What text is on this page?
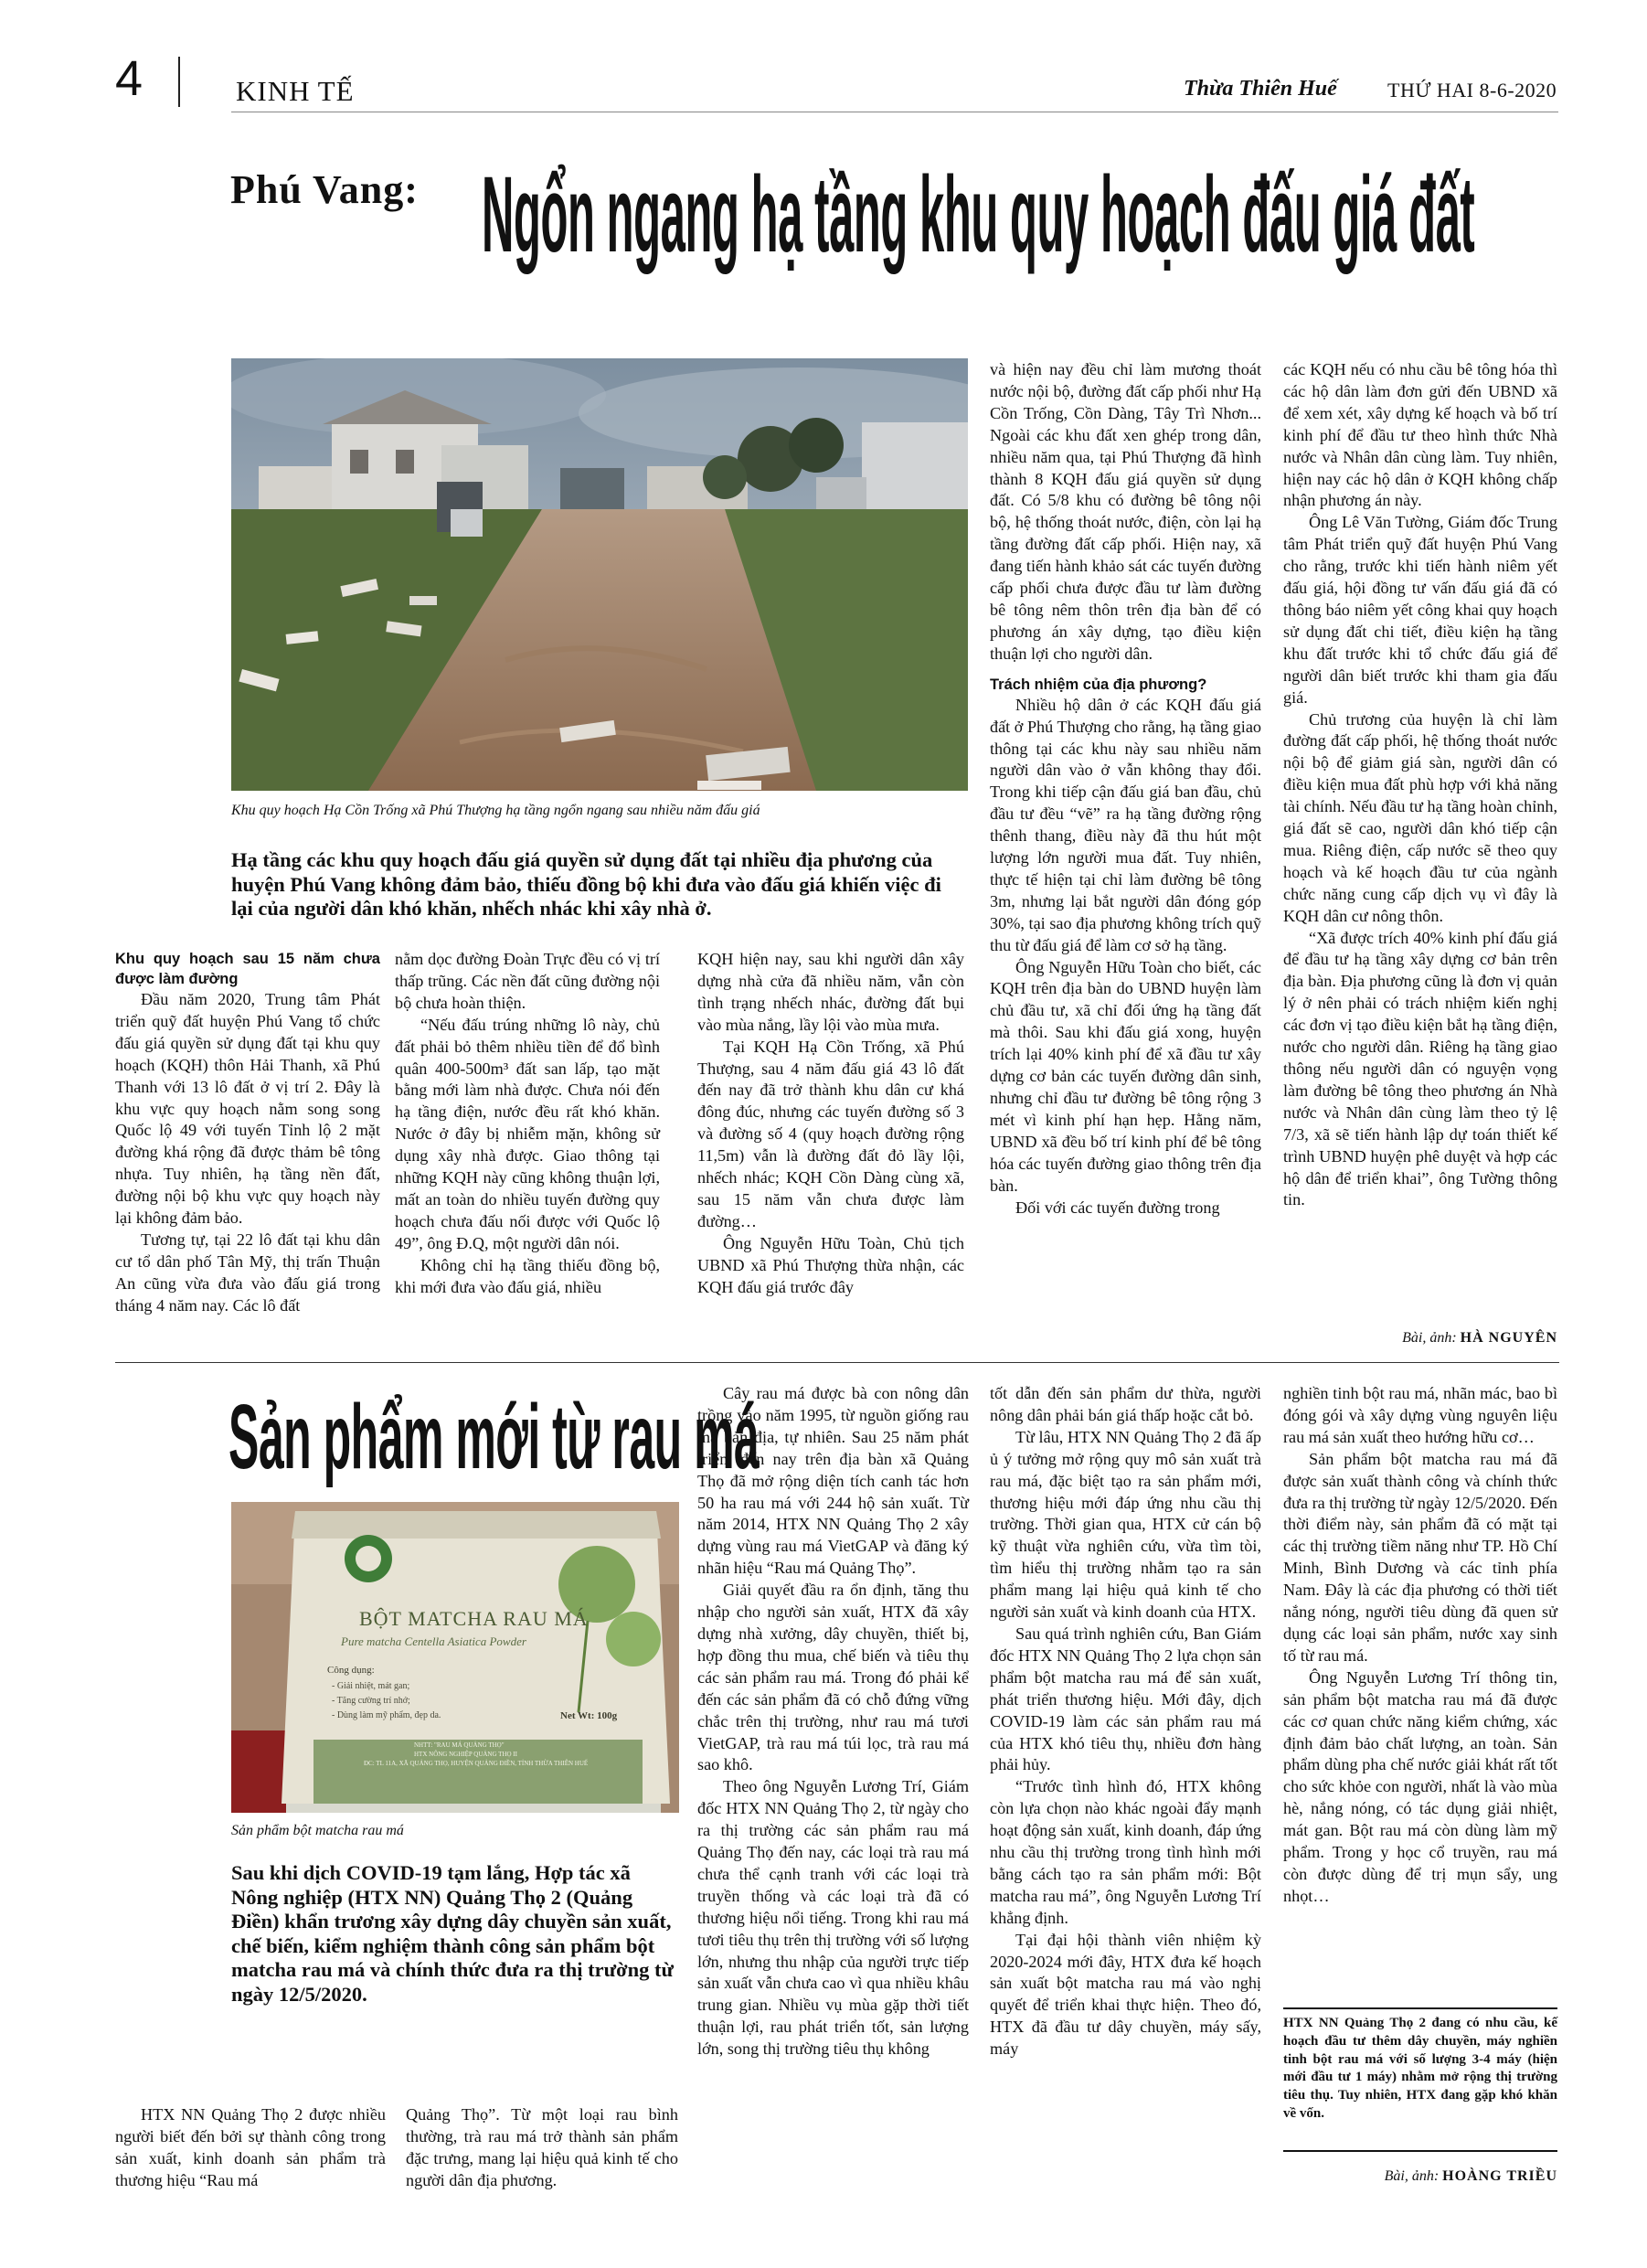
4	KINH TẾ	Thừa Thiên Huế	THỨ HAI 8-6-2020
Phú Vang: Ngổn ngang hạ tầng khu quy hoạch đấu giá đất
Khu quy hoạch Hạ Cồn Trống xã Phú Thượng hạ tầng ngổn ngang sau nhiều năm đấu giá
Hạ tầng các khu quy hoạch đấu giá quyền sử dụng đất tại nhiều địa phương của huyện Phú Vang không đảm bảo, thiếu đồng bộ khi đưa vào đấu giá khiến việc đi lại của người dân khó khăn, nhếch nhác khi xây nhà ở.
Khu quy hoạch sau 15 năm chưa được làm đường

Đầu năm 2020, Trung tâm Phát triển quỹ đất huyện Phú Vang tổ chức đấu giá quyền sử dụng đất tại khu quy hoạch (KQH) thôn Hải Thanh, xã Phú Thanh với 13 lô đất ở vị trí 2. Đây là khu vực quy hoạch nằm song song Quốc lộ 49 với tuyến Tỉnh lộ 2 mặt đường khá rộng đã được thảm bê tông nhựa. Tuy nhiên, hạ tầng nền đất, đường nội bộ khu vực quy hoạch này lại không đảm bảo.

Tương tự, tại 22 lô đất tại khu dân cư tổ dân phố Tân Mỹ, thị trấn Thuận An cũng vừa đưa vào đấu giá trong tháng 4 năm nay. Các lô đất

nằm dọc đường Đoàn Trực đều có vị trí thấp trũng. Các nền đất cũng đường nội bộ chưa hoàn thiện.

“Nếu đấu trúng những lô này, chủ đất phải bỏ thêm nhiều tiền để đổ bình quân 400-500m³ đất san lấp, tạo mặt bằng mới làm nhà được. Chưa nói đến hạ tầng điện, nước đều rất khó khăn. Nước ở đây bị nhiễm mặn, không sử dụng xây nhà được. Giao thông tại những KQH này cũng không thuận lợi, mất an toàn do nhiều tuyến đường quy hoạch chưa đấu nối được với Quốc lộ 49”, ông Đ.Q, một người dân nói.

Không chỉ hạ tầng thiếu đồng bộ, khi mới đưa vào đấu giá, nhiều

KQH hiện nay, sau khi người dân xây dựng nhà cửa đã nhiều năm, vẫn còn tình trạng nhếch nhác, đường đất bụi vào mùa nắng, lầy lội vào mùa mưa.

Tại KQH Hạ Cồn Trống, xã Phú Thượng, sau 4 năm đấu giá 43 lô đất đến nay đã trở thành khu dân cư khá đông đúc, nhưng các tuyến đường số 3 và đường số 4 (quy hoạch đường rộng 11,5m) vẫn là đường đất đỏ lầy lội, nhếch nhác; KQH Cồn Dàng cùng xã, sau 15 năm vẫn chưa được làm đường…

Ông Nguyễn Hữu Toàn, Chủ tịch UBND xã Phú Thượng thừa nhận, các KQH đấu giá trước đây

và hiện nay đều chỉ làm mương thoát nước nội bộ, đường đất cấp phối như Hạ Cồn Trống, Cồn Dàng, Tây Trì Nhơn... Ngoài các khu đất xen ghép trong dân, nhiều năm qua, tại Phú Thượng đã hình thành 8 KQH đấu giá quyền sử dụng đất. Có 5/8 khu có đường bê tông nội bộ, hệ thống thoát nước, điện, còn lại hạ tầng đường đất cấp phối. Hiện nay, xã đang tiến hành khảo sát các tuyến đường cấp phối chưa được đầu tư làm đường bê tông nêm thôn trên địa bàn để có phương án xây dựng, tạo điều kiện thuận lợi cho người dân.

Trách nhiệm của địa phương?

Nhiều hộ dân ở các KQH đấu giá đất ở Phú Thượng cho rằng, hạ tầng giao thông tại các khu này sau nhiều năm người dân vào ở vẫn không thay đổi. Trong khi tiếp cận đấu giá ban đầu, chủ đầu tư đều “vẽ” ra hạ tầng đường rộng thênh thang, điều này đã thu hút một lượng lớn người mua đất. Tuy nhiên, thực tế hiện tại chỉ làm đường bê tông 3m, nhưng lại bắt người dân đóng góp 30%, tại sao địa phương không trích quỹ thu từ đấu giá để làm cơ sở hạ tầng.

Ông Nguyễn Hữu Toàn cho biết, các KQH trên địa bàn do UBND huyện làm chủ đầu tư, xã chỉ đối ứng hạ tầng đất mà thôi. Sau khi đấu giá xong, huyện trích lại 40% kinh phí để xã đầu tư xây dựng cơ bản các tuyến đường dân sinh, nhưng chỉ đầu tư đường bê tông rộng 3 mét vì kinh phí hạn hẹp. Hằng năm, UBND xã đều bố trí kinh phí để bê tông hóa các tuyến đường giao thông trên địa bàn.

Đối với các tuyến đường trong

các KQH nếu có nhu cầu bê tông hóa thì các hộ dân làm đơn gửi đến UBND xã để xem xét, xây dựng kế hoạch và bố trí kinh phí để đầu tư theo hình thức Nhà nước và Nhân dân cùng làm. Tuy nhiên, hiện nay các hộ dân ở KQH không chấp nhận phương án này.

Ông Lê Văn Tường, Giám đốc Trung tâm Phát triển quỹ đất huyện Phú Vang cho rằng, trước khi tiến hành niêm yết đấu giá, hội đồng tư vấn đấu giá đã có thông báo niêm yết công khai quy hoạch sử dụng đất chi tiết, điều kiện hạ tầng khu đất trước khi tổ chức đấu giá để người dân biết trước khi tham gia đấu giá.

Chủ trương của huyện là chỉ làm đường đất cấp phối, hệ thống thoát nước nội bộ để giảm giá sàn, người dân có điều kiện mua đất phù hợp với khả năng tài chính. Nếu đầu tư hạ tầng hoàn chỉnh, giá đất sẽ cao, người dân khó tiếp cận mua. Riêng điện, cấp nước sẽ theo quy hoạch và kế hoạch đầu tư của ngành chức năng cung cấp dịch vụ vì đây là KQH dân cư nông thôn.

“Xã được trích 40% kinh phí đấu giá để đầu tư hạ tầng xây dựng cơ bản trên địa bàn. Địa phương cũng là đơn vị quản lý ở nên phải có trách nhiệm kiến nghị các đơn vị tạo điều kiện bắt hạ tầng điện, nước cho người dân. Riêng hạ tầng giao thông nếu người dân có nguyện vọng làm đường bê tông theo phương án Nhà nước và Nhân dân cùng làm theo tỷ lệ 7/3, xã sẽ tiến hành lập dự toán thiết kế trình UBND huyện phê duyệt và hợp các hộ dân để triển khai”, ông Tường thông tin.

Bài, ảnh: HÀ NGUYÊN
Sản phẩm mới từ rau má
BỘT MATCHA RAU MÁ
Pure matcha Centella Asiatica Powder
Công dụng:
- Giải nhiệt, mát gan;
- Tăng cường trí nhớ;
- Dùng làm mỹ phẩm, đẹp da.	Net Wt: 100g
NHTT: "RAU MÁ QUẢNG THỌ"
HTX NÔNG NGHIỆP QUẢNG THỌ II
ĐC: TL 11A, XÃ QUẢNG THỌ, HUYỆN QUẢNG ĐIỀN, TỈNH THỪA THIÊN HUẾ
Sản phẩm bột matcha rau má
Sau khi dịch COVID-19 tạm lắng, Hợp tác xã Nông nghiệp (HTX NN) Quảng Thọ 2 (Quảng Điền) khẩn trương xây dựng dây chuyền sản xuất, chế biến, kiểm nghiệm thành công sản phẩm bột matcha rau má và chính thức đưa ra thị trường từ ngày 12/5/2020.

HTX NN Quảng Thọ 2 được nhiều người biết đến bởi sự thành công trong sản xuất, kinh doanh sản phẩm trà thương hiệu “Rau má

Quảng Thọ”. Từ một loại rau bình thường, trà rau má trở thành sản phẩm đặc trưng, mang lại hiệu quả kinh tế cho người dân địa phương.

Cây rau má được bà con nông dân trồng vào năm 1995, từ nguồn giống rau má bản địa, tự nhiên. Sau 25 năm phát triển, đến nay trên địa bàn xã Quảng Thọ đã mở rộng diện tích canh tác hơn 50 ha rau má với 244 hộ sản xuất. Từ năm 2014, HTX NN Quảng Thọ 2 xây dựng vùng rau má VietGAP và đăng ký nhãn hiệu “Rau má Quảng Thọ”.

Giải quyết đầu ra ổn định, tăng thu nhập cho người sản xuất, HTX đã xây dựng nhà xưởng, dây chuyền, thiết bị, hợp đồng thu mua, chế biến và tiêu thụ các sản phẩm rau má. Trong đó phải kể đến các sản phẩm đã có chỗ đứng vững chắc trên thị trường, như rau má tươi VietGAP, trà rau má túi lọc, trà rau má sao khô.

Theo ông Nguyễn Lương Trí, Giám đốc HTX NN Quảng Thọ 2, từ ngày cho ra thị trường các sản phẩm rau má Quảng Thọ đến nay, các loại trà rau má chưa thể cạnh tranh với các loại trà truyền thống và các loại trà đã có thương hiệu nổi tiếng. Trong khi rau má tươi tiêu thụ trên thị trường với số lượng lớn, nhưng thu nhập của người trực tiếp sản xuất vẫn chưa cao vì qua nhiều khâu trung gian. Nhiều vụ mùa gặp thời tiết thuận lợi, rau phát triển tốt, sản lượng lớn, song thị trường tiêu thụ không

tốt dẫn đến sản phẩm dư thừa, người nông dân phải bán giá thấp hoặc cắt bỏ.

Từ lâu, HTX NN Quảng Thọ 2 đã ấp ủ ý tưởng mở rộng quy mô sản xuất trà rau má, đặc biệt tạo ra sản phẩm mới, thương hiệu mới đáp ứng nhu cầu thị trường. Thời gian qua, HTX cử cán bộ kỹ thuật vừa nghiên cứu, vừa tìm tòi, tìm hiểu thị trường nhằm tạo ra sản phẩm mang lại hiệu quả kinh tế cho người sản xuất và kinh doanh của HTX.

Sau quá trình nghiên cứu, Ban Giám đốc HTX NN Quảng Thọ 2 lựa chọn sản phẩm bột matcha rau má để sản xuất, phát triển thương hiệu. Mới đây, dịch COVID-19 làm các sản phẩm rau má của HTX khó tiêu thụ, nhiều đơn hàng phải hủy.

“Trước tình hình đó, HTX không còn lựa chọn nào khác ngoài đẩy mạnh hoạt động sản xuất, kinh doanh, đáp ứng nhu cầu thị trường trong tình hình mới bằng cách tạo ra sản phẩm mới: Bột matcha rau má”, ông Nguyễn Lương Trí khẳng định.

Tại đại hội thành viên nhiệm kỳ 2020-2024 mới đây, HTX đưa kế hoạch sản xuất bột matcha rau má vào nghị quyết để triển khai thực hiện. Theo đó, HTX đã đầu tư dây chuyền, máy sấy, máy

nghiền tinh bột rau má, nhãn mác, bao bì đóng gói và xây dựng vùng nguyên liệu rau má sản xuất theo hướng hữu cơ…

Sản phẩm bột matcha rau má đã được sản xuất thành công và chính thức đưa ra thị trường từ ngày 12/5/2020. Đến thời điểm này, sản phẩm đã có mặt tại các thị trường tiềm năng như TP. Hồ Chí Minh, Bình Dương và các tỉnh phía Nam. Đây là các địa phương có thời tiết nắng nóng, người tiêu dùng đã quen sử dụng các loại sản phẩm, nước xay sinh tố từ rau má.

Ông Nguyễn Lương Trí thông tin, sản phẩm bột matcha rau má đã được các cơ quan chức năng kiểm chứng, xác định đảm bảo chất lượng, an toàn. Sản phẩm dùng pha chế nước giải khát rất tốt cho sức khỏe con người, nhất là vào mùa hè, nắng nóng, có tác dụng giải nhiệt, mát gan. Bột rau má còn dùng làm mỹ phẩm. Trong y học cổ truyền, rau má còn được dùng để trị mụn sẩy, ung nhọt…

HTX NN Quảng Thọ 2 đang có nhu cầu, kế hoạch đầu tư thêm dây chuyền, máy nghiền tinh bột rau má với số lượng 3-4 máy (hiện mới đầu tư 1 máy) nhằm mở rộng thị trường tiêu thụ. Tuy nhiên, HTX đang gặp khó khăn về vốn.
Bài, ảnh: HOÀNG TRIỀU
